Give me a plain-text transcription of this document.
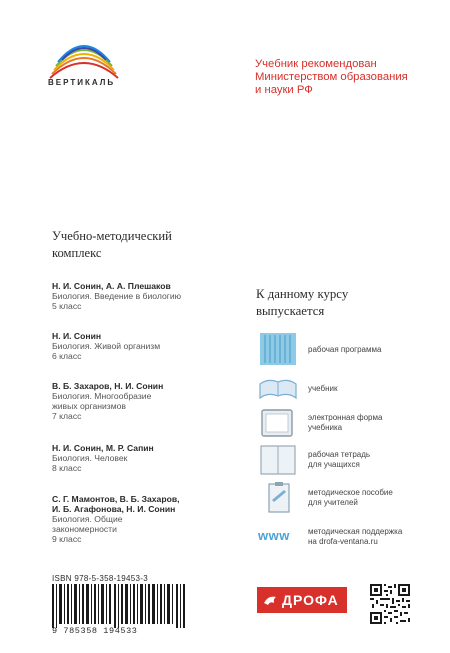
ВЕРТИКАЛЬ
Учебник рекомендован
Министерством образования
и науки РФ
Учебно-методический
комплекс
Н. И. Сонин, А. А. Плешаков
Биология. Введение в биологию
5 класс
Н. И. Сонин
Биология. Живой организм
6 класс
В. Б. Захаров, Н. И. Сонин
Биология. Многообразие
живых организмов
7 класс
Н. И. Сонин, М. Р. Сапин
Биология. Человек
8 класс
С. Г. Мамонтов, В. Б. Захаров,
И. Б. Агафонова, Н. И. Сонин
Биология. Общие
закономерности
9 класс
К данному курсу
выпускается
рабочая программа
учебник
электронная форма
учебника
рабочая тетрадь
для учащихся
методическое пособие
для учителей
www	методическая поддержка
на drofa-ventana.ru
ISBN 978-5-358-19453-3
9 785358 194533
ДРОФА
